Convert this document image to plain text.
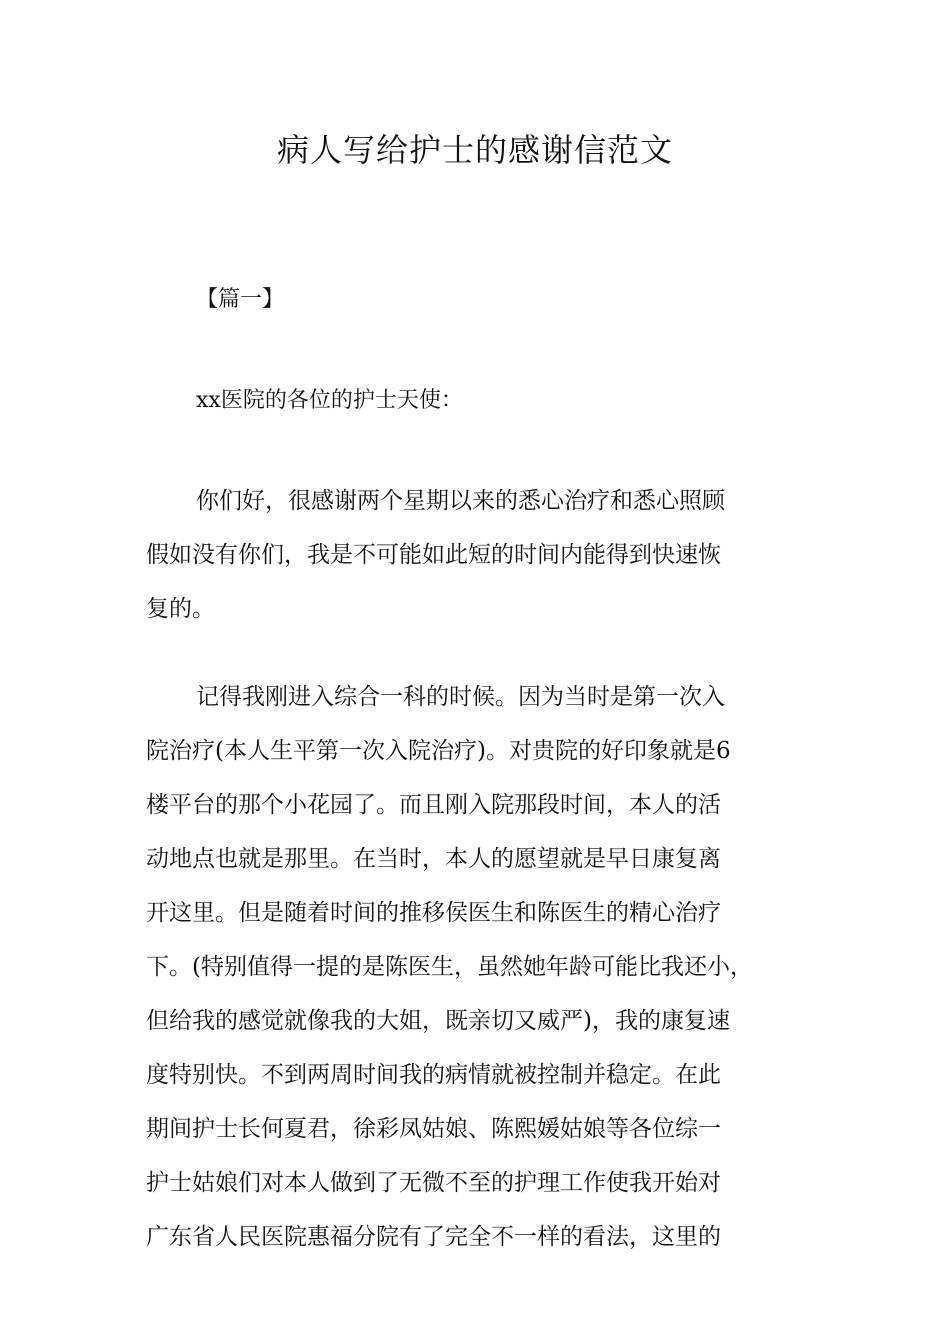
病人写给护士的感谢信范文
【篇一】
xx医院的各位的护士天使：
你们好，很感谢两个星期以来的悉心治疗和悉心照顾
假如没有你们，我是不可能如此短的时间内能得到快速恢
复的。
记得我刚进入综合一科的时候。因为当时是第一次入
院治疗(本人生平第一次入院治疗)。对贵院的好印象就是6
楼平台的那个小花园了。而且刚入院那段时间，本人的活
动地点也就是那里。在当时，本人的愿望就是早日康复离
开这里。但是随着时间的推移侯医生和陈医生的精心治疗
下。(特别值得一提的是陈医生，虽然她年龄可能比我还小，
但给我的感觉就像我的大姐，既亲切又威严)，我的康复速
度特别快。不到两周时间我的病情就被控制并稳定。在此
期间护士长何夏君，徐彩凤姑娘、陈熙媛姑娘等各位综一
护士姑娘们对本人做到了无微不至的护理工作使我开始对
广东省人民医院惠福分院有了完全不一样的看法，这里的
